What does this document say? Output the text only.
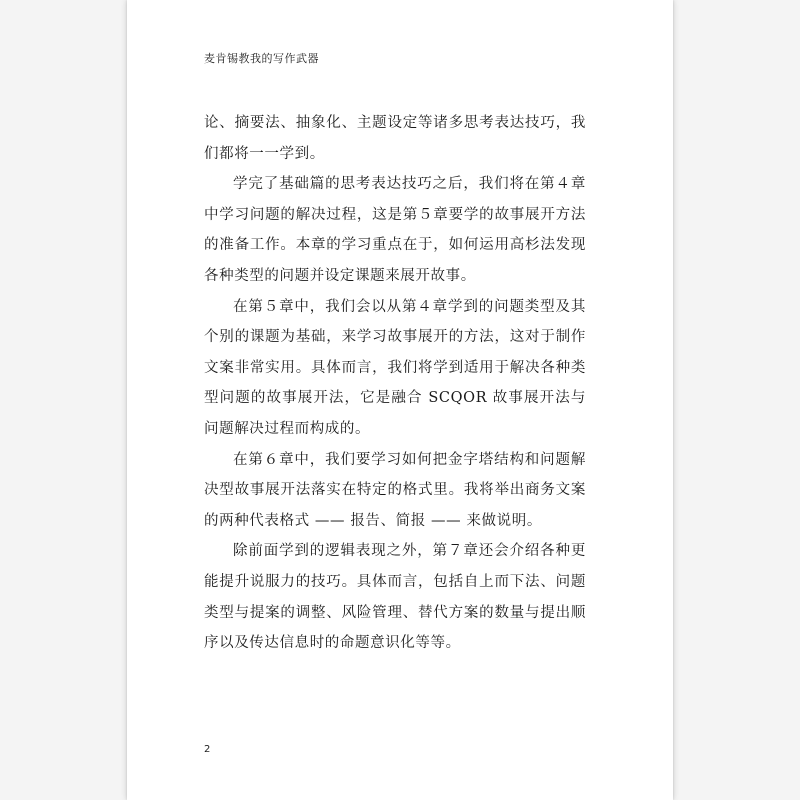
麦肯锡教我的写作武器

论、摘要法、抽象化、主题设定等诸多思考表达技巧，我们都将一一学到。

学完了基础篇的思考表达技巧之后，我们将在第４章中学习问题的解决过程，这是第５章要学的故事展开方法的准备工作。本章的学习重点在于，如何运用高杉法发现各种类型的问题并设定课题来展开故事。

在第５章中，我们会以从第４章学到的问题类型及其个别的课题为基础，来学习故事展开的方法，这对于制作文案非常实用。具体而言，我们将学到适用于解决各种类型问题的故事展开法，它是融合 SCQOR 故事展开法与问题解决过程而构成的。

在第６章中，我们要学习如何把金字塔结构和问题解决型故事展开法落实在特定的格式里。我将举出商务文案的两种代表格式 —— 报告、简报 —— 来做说明。

除前面学到的逻辑表现之外，第７章还会介绍各种更能提升说服力的技巧。具体而言，包括自上而下法、问题类型与提案的调整、风险管理、替代方案的数量与提出顺序以及传达信息时的命题意识化等等。

2
